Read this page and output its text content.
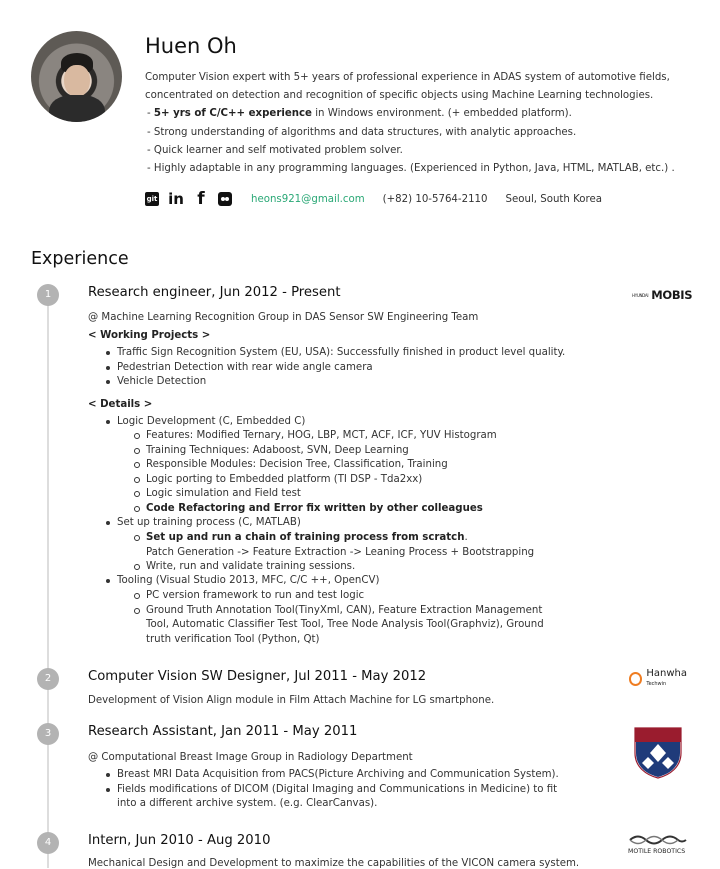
Huen Oh
Computer Vision expert with 5+ years of professional experience in ADAS system of automotive fields, concentrated on detection and recognition of specific objects using Machine Learning technologies.
- 5+ yrs of C/C++ experience in Windows environment. (+ embedded platform).
- Strong understanding of algorithms and data structures, with analytic approaches.
- Quick learner and self motivated problem solver.
- Highly adaptable in any programming languages. (Experienced in Python, Java, HTML, MATLAB, etc.) .
git in f	heons921@gmail.com (+82) 10-5764-2110 Seoul, South Korea
Experience
1	Research engineer, Jun 2012 - Present	HYUNDAI MOBIS
@ Machine Learning Recognition Group in DAS Sensor SW Engineering Team
< Working Projects >
Traffic Sign Recognition System (EU, USA): Successfully finished in product level quality.
Pedestrian Detection with rear wide angle camera
Vehicle Detection
< Details >
Logic Development (C, Embedded C)
Features: Modified Ternary, HOG, LBP, MCT, ACF, ICF, YUV Histogram
Training Techniques: Adaboost, SVN, Deep Learning
Responsible Modules: Decision Tree, Classification, Training
Logic porting to Embedded platform (TI DSP - Tda2xx)
Logic simulation and Field test
Code Refactoring and Error fix written by other colleagues
Set up training process (C, MATLAB)
Set up and run a chain of training process from scratch.
Patch Generation -> Feature Extraction -> Leaning Process + Bootstrapping
Write, run and validate training sessions.
Tooling (Visual Studio 2013, MFC, C/C ++, OpenCV)
PC version framework to run and test logic
Ground Truth Annotation Tool(TinyXml, CAN), Feature Extraction Management Tool, Automatic Classifier Test Tool, Tree Node Analysis Tool(Graphviz), Ground truth verification Tool (Python, Qt)
2	Computer Vision SW Designer, Jul 2011 - May 2012	Hanwha
Techwin
Development of Vision Align module in Film Attach Machine for LG smartphone.
3	Research Assistant, Jan 2011 - May 2011
@ Computational Breast Image Group in Radiology Department
Breast MRI Data Acquisition from PACS(Picture Archiving and Communication System).
Fields modifications of DICOM (Digital Imaging and Communications in Medicine) to fit into a different archive system. (e.g. ClearCanvas).
4	Intern, Jun 2010 - Aug 2010
MOTILE ROBOTICS
Mechanical Design and Development to maximize the capabilities of the VICON camera system.
